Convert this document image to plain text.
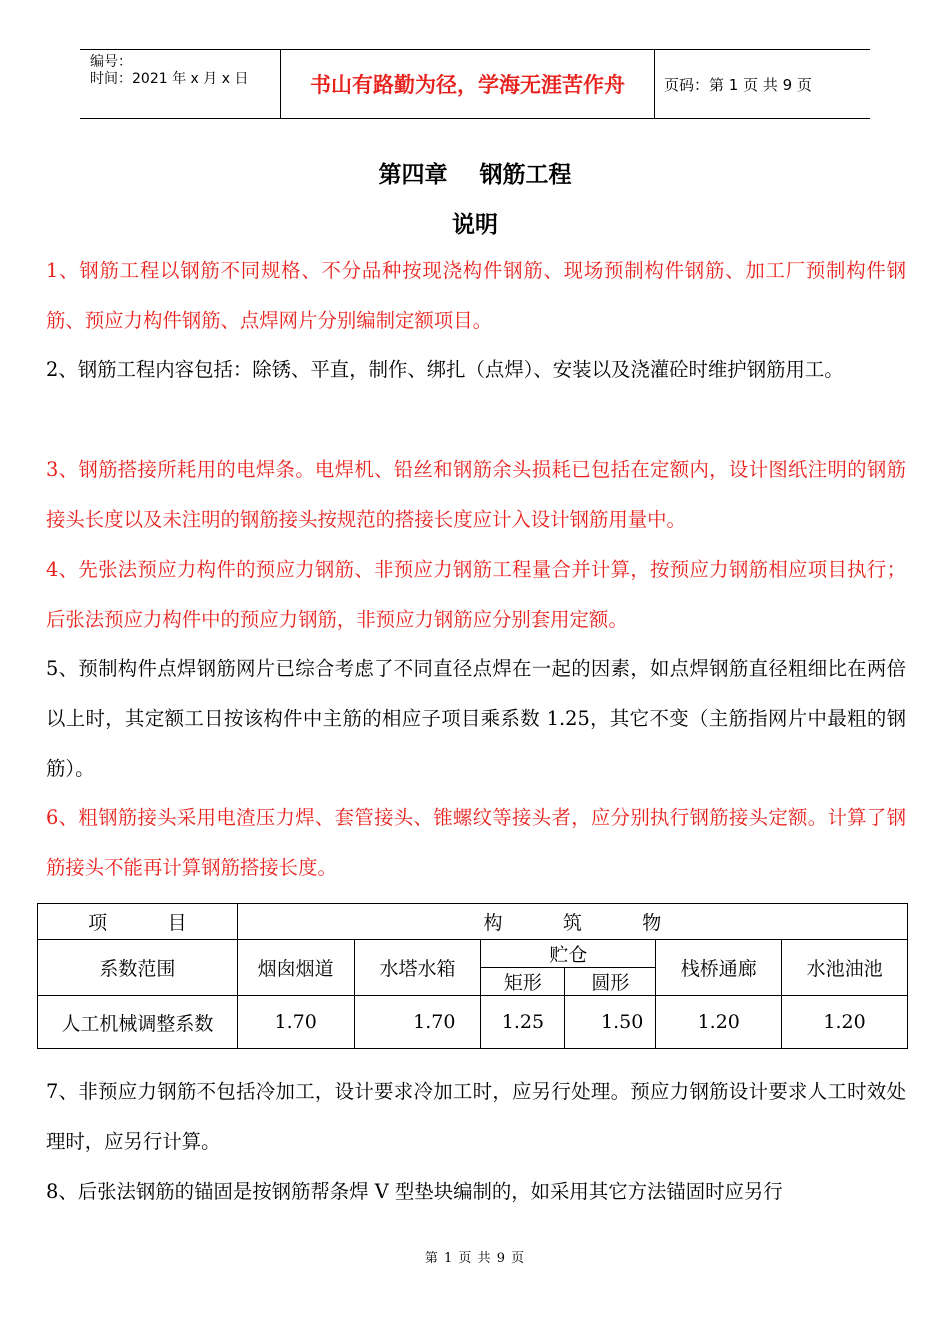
编号：
时间：2021 年 x 月 x 日	书山有路勤为径，学海无涯苦作舟	页码：第 1 页 共 9 页
第四章    钢筋工程
说明

1、钢筋工程以钢筋不同规格、不分品种按现浇构件钢筋、现场预制构件钢筋、加工厂预制构件钢筋、预应力构件钢筋、点焊网片分别编制定额项目。

2、钢筋工程内容包括：除锈、平直，制作、绑扎（点焊）、安装以及浇灌砼时维护钢筋用工。

3、钢筋搭接所耗用的电焊条。电焊机、铅丝和钢筋余头损耗已包括在定额内，设计图纸注明的钢筋接头长度以及未注明的钢筋接头按规范的搭接长度应计入设计钢筋用量中。

4、先张法预应力构件的预应力钢筋、非预应力钢筋工程量合并计算，按预应力钢筋相应项目执行；后张法预应力构件中的预应力钢筋，非预应力钢筋应分别套用定额。

5、预制构件点焊钢筋网片已综合考虑了不同直径点焊在一起的因素，如点焊钢筋直径粗细比在两倍以上时，其定额工日按该构件中主筋的相应子项目乘系数 1.25，其它不变（主筋指网片中最粗的钢筋）。

6、粗钢筋接头采用电渣压力焊、套管接头、锥螺纹等接头者，应分别执行钢筋接头定额。计算了钢筋接头不能再计算钢筋搭接长度。

项          目	构          筑          物					
系数范围	烟囱烟道	水塔水箱	贮仓		栈桥通廊	水池油池
			矩形	圆形		
人工机械调整系数	1.70	1.70	1.25	1.50	1.20	1.20

7、非预应力钢筋不包括冷加工，设计要求冷加工时，应另行处理。预应力钢筋设计要求人工时效处理时，应另行计算。

8、后张法钢筋的锚固是按钢筋帮条焊 V 型垫块编制的，如采用其它方法锚固时应另行

第 1 页 共 9 页
